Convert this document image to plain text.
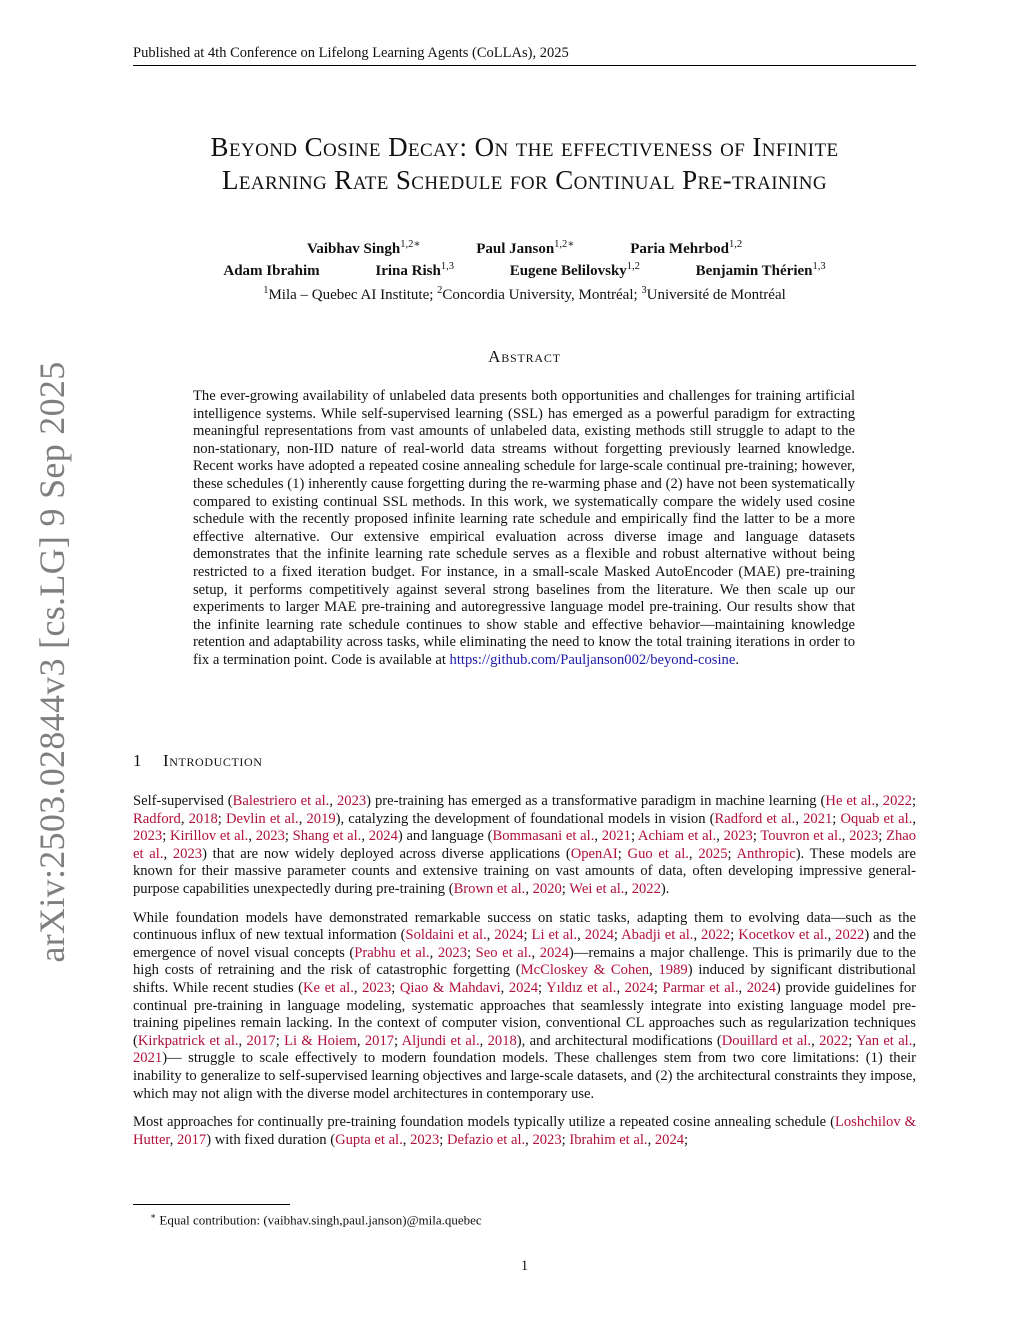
Published at 4th Conference on Lifelong Learning Agents (CoLLAs), 2025
arXiv:2503.02844v3 [cs.LG] 9 Sep 2025
Beyond Cosine Decay: On the effectiveness of Infinite
Learning Rate Schedule for Continual Pre-training
Vaibhav Singh$^{1,2∗}$	Paul Janson$^{1,2∗}$	Paria Mehrbod$^{1,2}$
Adam Ibrahim	Irina Rish$^{1,3}$	Eugene Belilovsky$^{1,2}$	Benjamin Thérien$^{1,3}$
$^1$Mila – Quebec AI Institute; $^2$Concordia University, Montréal; $^3$Université de Montréal
Abstract
The ever-growing availability of unlabeled data presents both opportunities and challenges for training artificial intelligence systems. While self-supervised learning (SSL) has emerged as a powerful paradigm for extracting meaningful representations from vast amounts of unlabeled data, existing methods still struggle to adapt to the non-stationary, non-IID nature of real-world data streams without forgetting previously learned knowledge. Recent works have adopted a repeated cosine annealing schedule for large-scale continual pre-training; however, these schedules (1) inherently cause forgetting during the re-warming phase and (2) have not been systematically compared to existing continual SSL methods. In this work, we systematically compare the widely used cosine schedule with the recently proposed infinite learning rate schedule and empirically find the latter to be a more effective alternative. Our extensive empirical evaluation across diverse image and language datasets demonstrates that the infinite learning rate schedule serves as a flexible and robust alternative without being restricted to a fixed iteration budget. For instance, in a small-scale Masked AutoEncoder (MAE) pre-training setup, it performs competitively against several strong baselines from the literature. We then scale up our experiments to larger MAE pre-training and autoregressive language model pre-training. Our results show that the infinite learning rate schedule continues to show stable and effective behavior—maintaining knowledge retention and adaptability across tasks, while eliminating the need to know the total training iterations in order to fix a termination point. Code is available at https://github.com/Pauljanson002/beyond-cosine.
1 Introduction

Self-supervised (Balestriero et al., 2023) pre-training has emerged as a transformative paradigm in machine learning (He et al., 2022; Radford, 2018; Devlin et al., 2019), catalyzing the development of foundational models in vision (Radford et al., 2021; Oquab et al., 2023; Kirillov et al., 2023; Shang et al., 2024) and language (Bommasani et al., 2021; Achiam et al., 2023; Touvron et al., 2023; Zhao et al., 2023) that are now widely deployed across diverse applications (OpenAI; Guo et al., 2025; Anthropic). These models are known for their massive parameter counts and extensive training on vast amounts of data, often developing impressive general-purpose capabilities unexpectedly during pre-training (Brown et al., 2020; Wei et al., 2022).

While foundation models have demonstrated remarkable success on static tasks, adapting them to evolving data—such as the continuous influx of new textual information (Soldaini et al., 2024; Li et al., 2024; Abadji et al., 2022; Kocetkov et al., 2022) and the emergence of novel visual concepts (Prabhu et al., 2023; Seo et al., 2024)—remains a major challenge. This is primarily due to the high costs of retraining and the risk of catastrophic forgetting (McCloskey & Cohen, 1989) induced by significant distributional shifts. While recent studies (Ke et al., 2023; Qiao & Mahdavi, 2024; Yıldız et al., 2024; Parmar et al., 2024) provide guidelines for continual pre-training in language modeling, systematic approaches that seamlessly integrate into existing language model pre-training pipelines remain lacking. In the context of computer vision, conventional CL approaches such as regularization techniques (Kirkpatrick et al., 2017; Li & Hoiem, 2017; Aljundi et al., 2018), and architectural modifications (Douillard et al., 2022; Yan et al., 2021)— struggle to scale effectively to modern foundation models. These challenges stem from two core limitations: (1) their inability to generalize to self-supervised learning objectives and large-scale datasets, and (2) the architectural constraints they impose, which may not align with the diverse model architectures in contemporary use.

Most approaches for continually pre-training foundation models typically utilize a repeated cosine annealing schedule (Loshchilov & Hutter, 2017) with fixed duration (Gupta et al., 2023; Defazio et al., 2023; Ibrahim et al., 2024;

∗ Equal contribution: (vaibhav.singh,paul.janson)@mila.quebec
1
